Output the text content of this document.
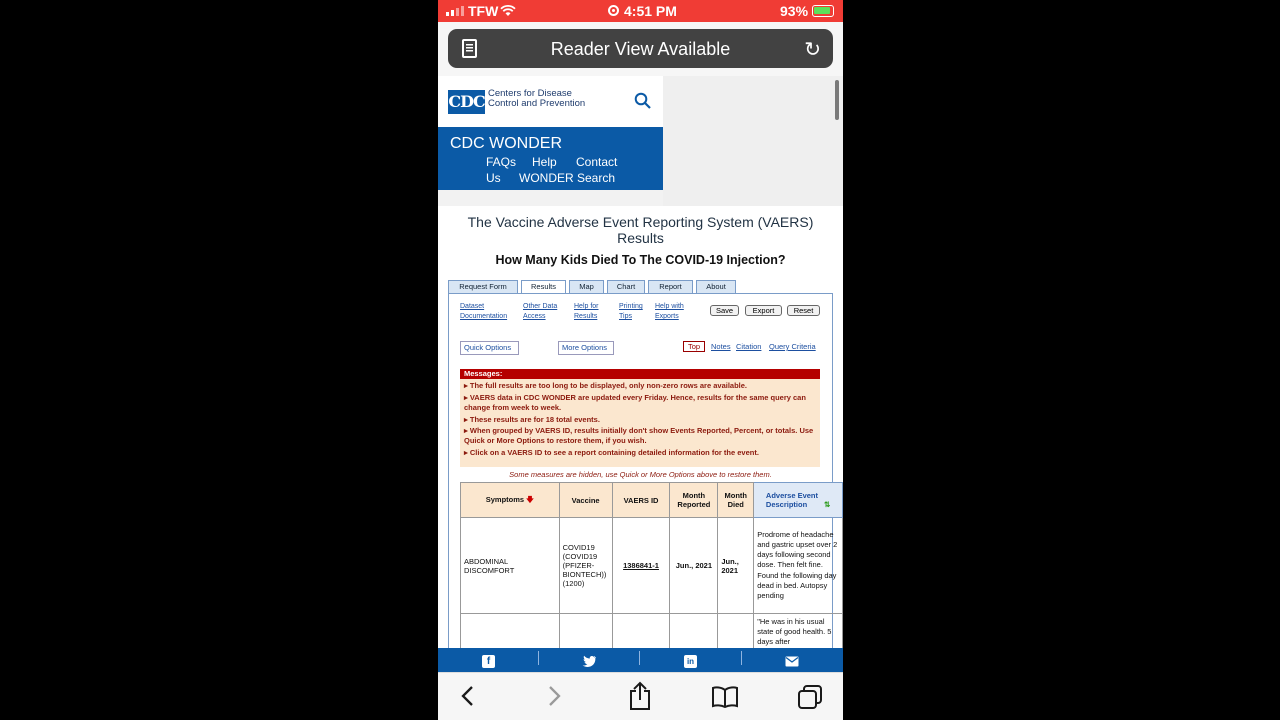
TFW	4:51 PM	93%
Reader View Available	↻
CDC Centers for Disease
Control and Prevention
CDC WONDER
FAQs Help Contact
Us WONDER Search
The Vaccine Adverse Event Reporting System (VAERS)
Results
How Many Kids Died To The COVID-19 Injection?
Request Form	Results	Map	Chart	Report	About
Dataset
Documentation
Other Data
Access
Help for
Results
Printing
Tips
Help with
Exports
Save	Export	Reset
Quick Options	More Options	Top	Notes Citation Query Criteria
Messages:
▸ The full results are too long to be displayed, only non-zero rows are available.
▸ VAERS data in CDC WONDER are updated every Friday. Hence, results for the same query can change from week to week.
▸ These results are for 18 total events.
▸ When grouped by VAERS ID, results initially don't show Events Reported, Percent, or totals. Use Quick or More Options to restore them, if you wish.
▸ Click on a VAERS ID to see a report containing detailed information for the event.
Some measures are hidden, use Quick or More Options above to restore them.
Symptoms 🡇	Vaccine	VAERS ID	Month Reported	Month Died	Adverse Event Description ⇅
ABDOMINAL DISCOMFORT	COVID19 (COVID19 (PFIZER-BIONTECH)) (1200)	1386841-1	Jun., 2021	Jun., 2021	Prodrome of headache and gastric upset over 2 days following second dose. Then felt fine. Found the following day dead in bed. Autopsy pending
					"He was in his usual state of good health. 5 days after
f	in
